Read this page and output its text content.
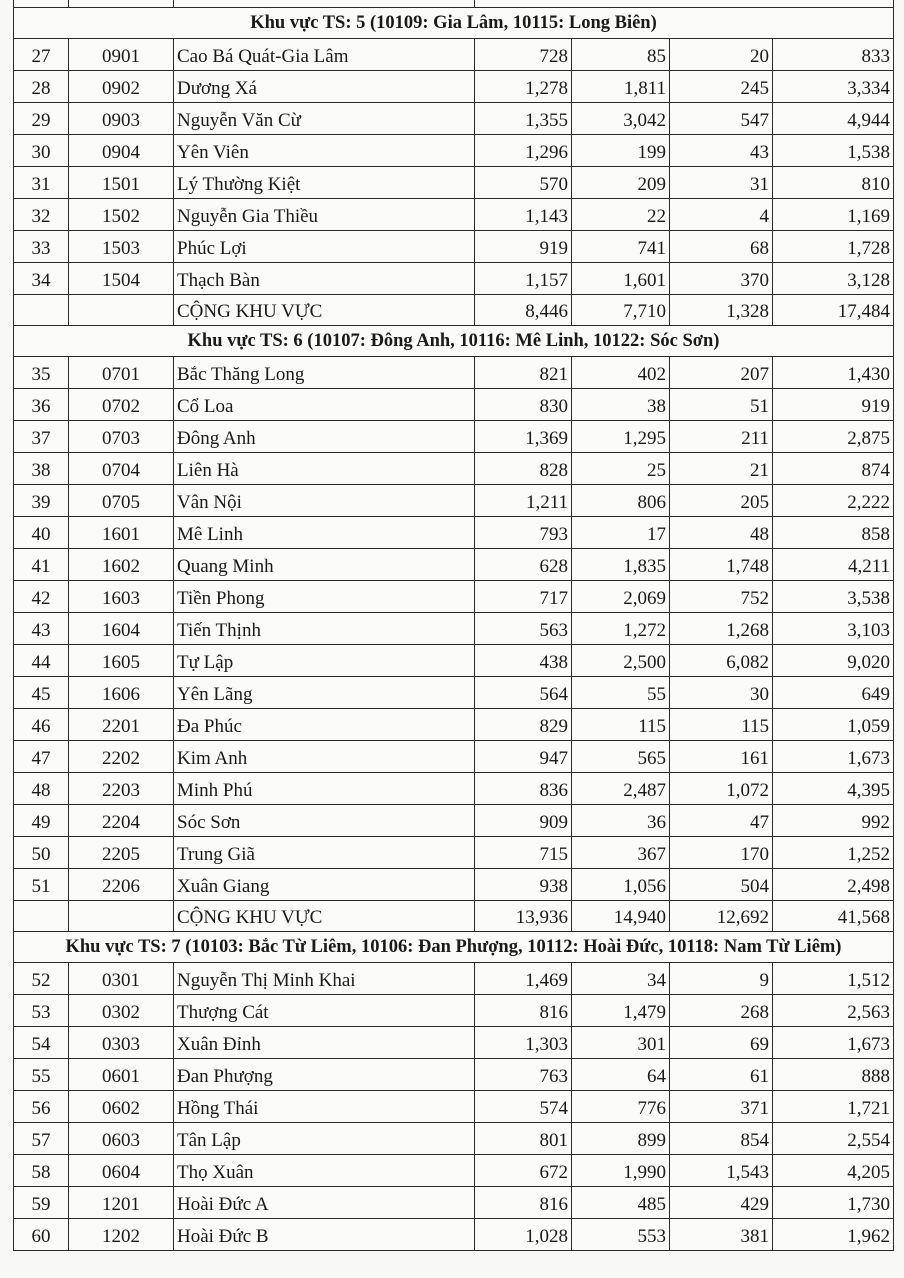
Khu vực TS: 5 (10109: Gia Lâm, 10115: Long Biên)						
27	0901	Cao Bá Quát-Gia Lâm	728	85	20	833
28	0902	Dương Xá	1,278	1,811	245	3,334
29	0903	Nguyễn Văn Cừ	1,355	3,042	547	4,944
30	0904	Yên Viên	1,296	199	43	1,538
31	1501	Lý Thường Kiệt	570	209	31	810
32	1502	Nguyễn Gia Thiều	1,143	22	4	1,169
33	1503	Phúc Lợi	919	741	68	1,728
34	1504	Thạch Bàn	1,157	1,601	370	3,128
		CỘNG KHU VỰC	8,446	7,710	1,328	17,484
Khu vực TS: 6 (10107: Đông Anh, 10116: Mê Linh, 10122: Sóc Sơn)						
35	0701	Bắc Thăng Long	821	402	207	1,430
36	0702	Cổ Loa	830	38	51	919
37	0703	Đông Anh	1,369	1,295	211	2,875
38	0704	Liên Hà	828	25	21	874
39	0705	Vân Nội	1,211	806	205	2,222
40	1601	Mê Linh	793	17	48	858
41	1602	Quang Minh	628	1,835	1,748	4,211
42	1603	Tiền Phong	717	2,069	752	3,538
43	1604	Tiến Thịnh	563	1,272	1,268	3,103
44	1605	Tự Lập	438	2,500	6,082	9,020
45	1606	Yên Lãng	564	55	30	649
46	2201	Đa Phúc	829	115	115	1,059
47	2202	Kim Anh	947	565	161	1,673
48	2203	Minh Phú	836	2,487	1,072	4,395
49	2204	Sóc Sơn	909	36	47	992
50	2205	Trung Giã	715	367	170	1,252
51	2206	Xuân Giang	938	1,056	504	2,498
		CỘNG KHU VỰC	13,936	14,940	12,692	41,568
Khu vực TS: 7 (10103: Bắc Từ Liêm, 10106: Đan Phượng, 10112: Hoài Đức, 10118: Nam Từ Liêm)						
52	0301	Nguyễn Thị Minh Khai	1,469	34	9	1,512
53	0302	Thượng Cát	816	1,479	268	2,563
54	0303	Xuân Đỉnh	1,303	301	69	1,673
55	0601	Đan Phượng	763	64	61	888
56	0602	Hồng Thái	574	776	371	1,721
57	0603	Tân Lập	801	899	854	2,554
58	0604	Thọ Xuân	672	1,990	1,543	4,205
59	1201	Hoài Đức A	816	485	429	1,730
60	1202	Hoài Đức B	1,028	553	381	1,962
